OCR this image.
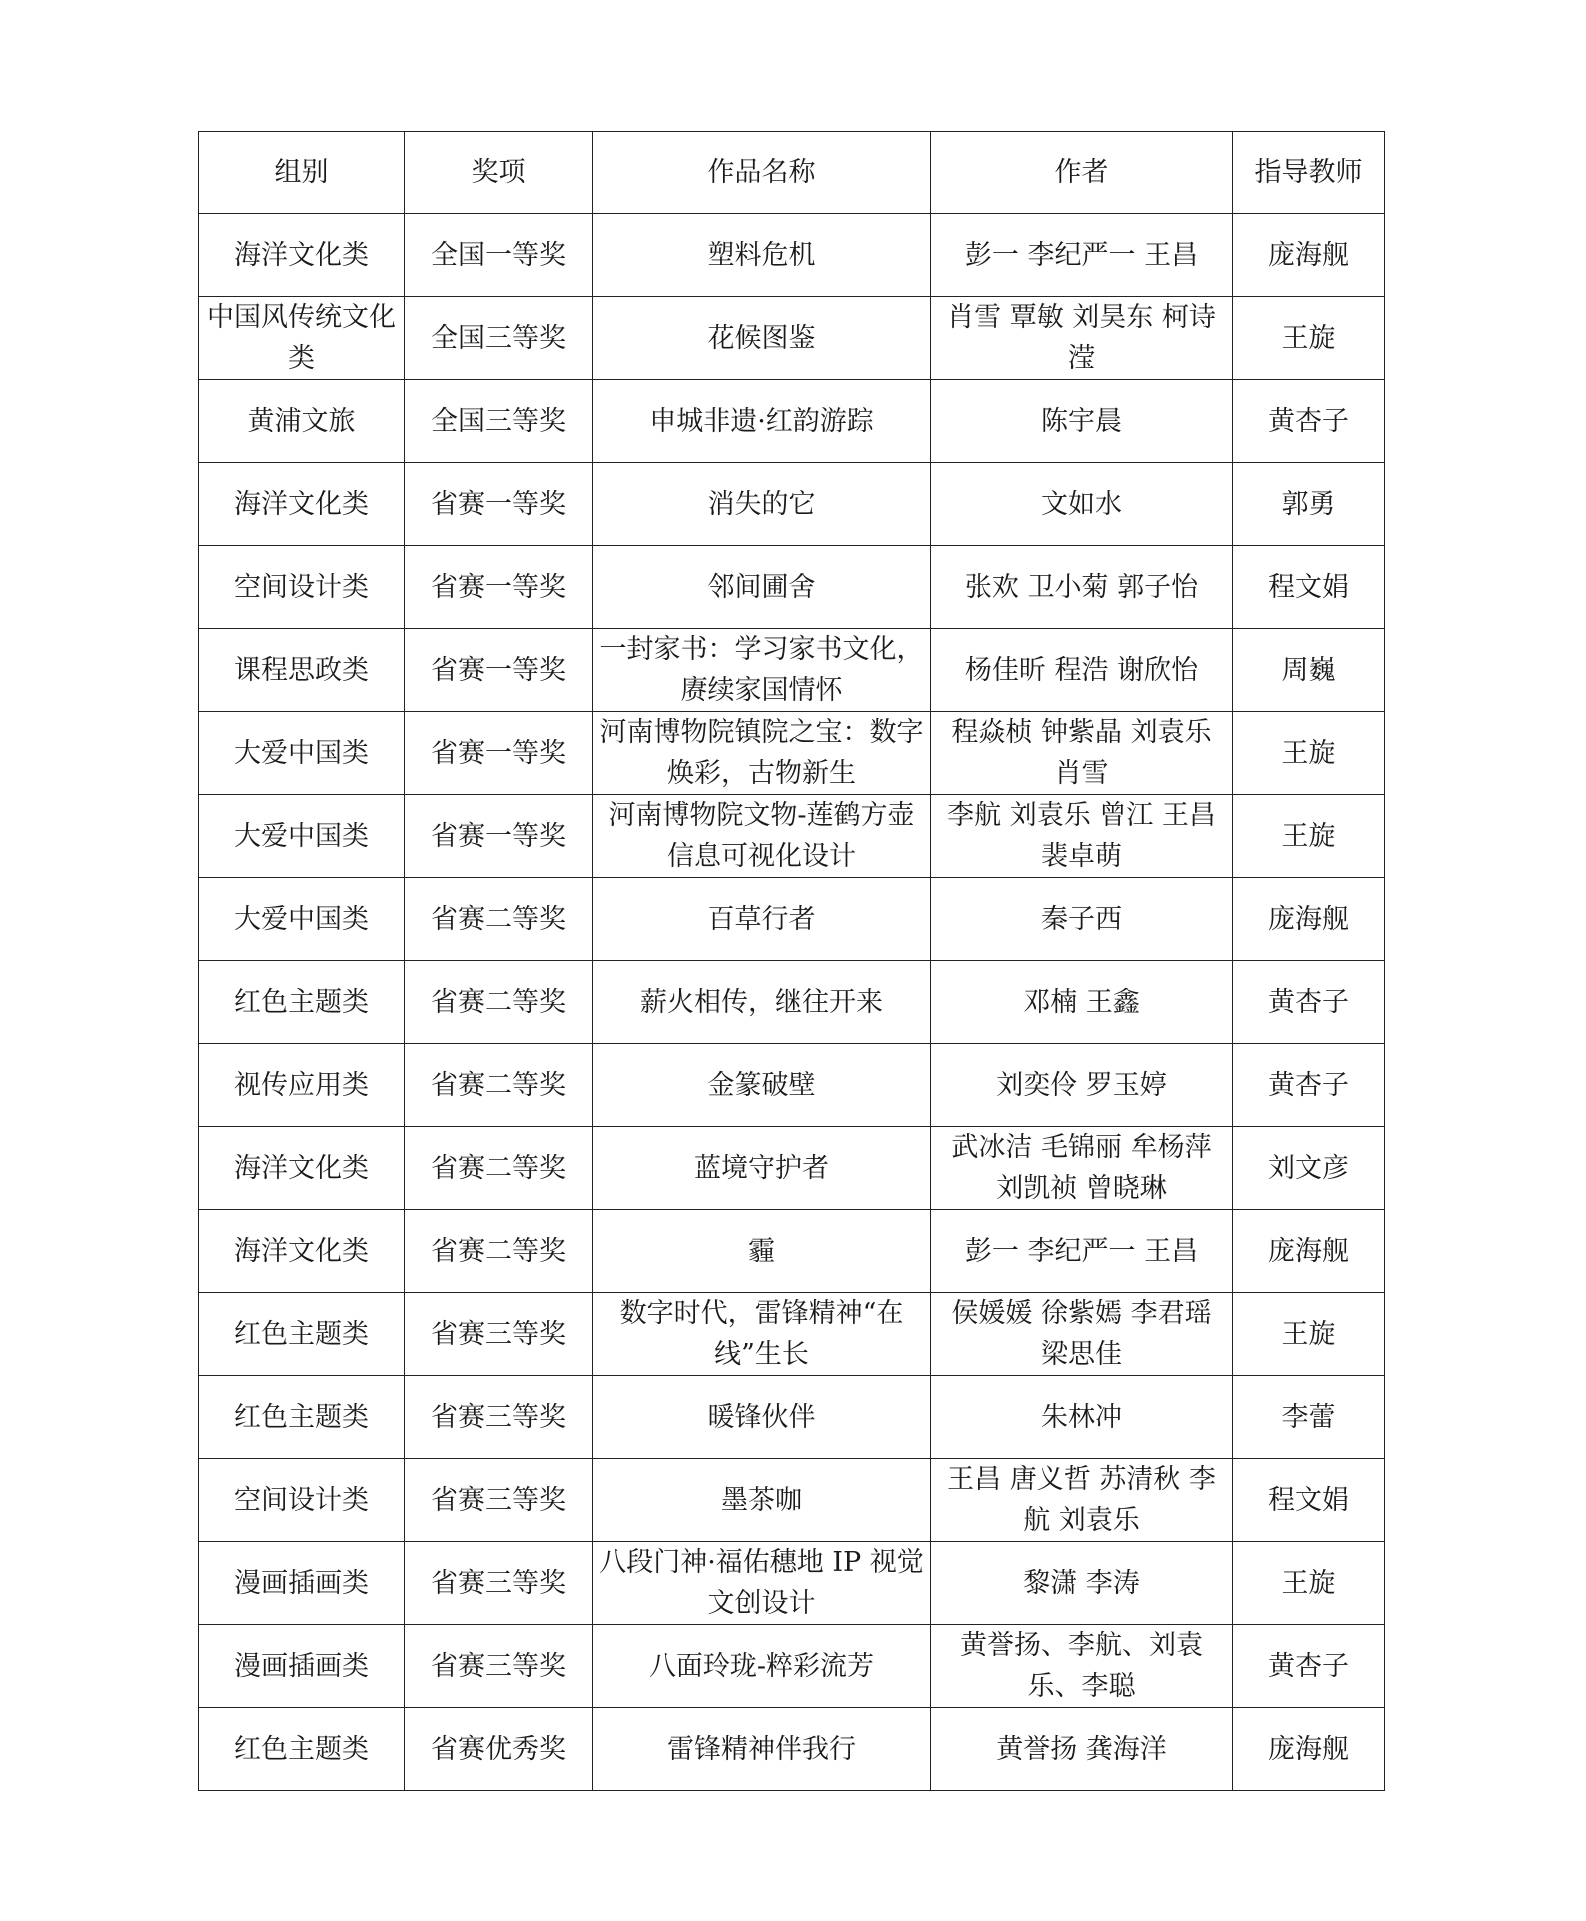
组别	奖项	作品名称	作者	指导教师
海洋文化类	全国一等奖	塑料危机	彭一 李纪严一 王昌	庞海舰
中国风传统文化类	全国三等奖	花候图鉴	肖雪 覃敏 刘昊东 柯诗滢	王旋
黄浦文旅	全国三等奖	申城非遗·红韵游踪	陈宇晨	黄杏子
海洋文化类	省赛一等奖	消失的它	文如水	郭勇
空间设计类	省赛一等奖	邻间圃舍	张欢 卫小菊 郭子怡	程文娟
课程思政类	省赛一等奖	一封家书：学习家书文化，赓续家国情怀	杨佳昕 程浩 谢欣怡	周巍
大爱中国类	省赛一等奖	河南博物院镇院之宝：数字焕彩，古物新生	程焱桢 钟紫晶 刘袁乐 肖雪	王旋
大爱中国类	省赛一等奖	河南博物院文物-莲鹤方壶信息可视化设计	李航 刘袁乐 曾江 王昌 裴卓萌	王旋
大爱中国类	省赛二等奖	百草行者	秦子西	庞海舰
红色主题类	省赛二等奖	薪火相传，继往开来	邓楠 王鑫	黄杏子
视传应用类	省赛二等奖	金篆破壁	刘奕伶 罗玉婷	黄杏子
海洋文化类	省赛二等奖	蓝境守护者	武冰洁 毛锦丽 牟杨萍 刘凯祯 曾晓琳	刘文彦
海洋文化类	省赛二等奖	霾	彭一 李纪严一 王昌	庞海舰
红色主题类	省赛三等奖	数字时代，雷锋精神“在线”生长	侯媛媛 徐紫嫣 李君瑶 梁思佳	王旋
红色主题类	省赛三等奖	暖锋伙伴	朱林冲	李蕾
空间设计类	省赛三等奖	墨茶咖	王昌 唐义哲 苏清秋 李航 刘袁乐	程文娟
漫画插画类	省赛三等奖	八段门神·福佑穗地 IP 视觉文创设计	黎潇 李涛	王旋
漫画插画类	省赛三等奖	八面玲珑-粹彩流芳	黄誉扬、李航、刘袁乐、李聪	黄杏子
红色主题类	省赛优秀奖	雷锋精神伴我行	黄誉扬 龚海洋	庞海舰
